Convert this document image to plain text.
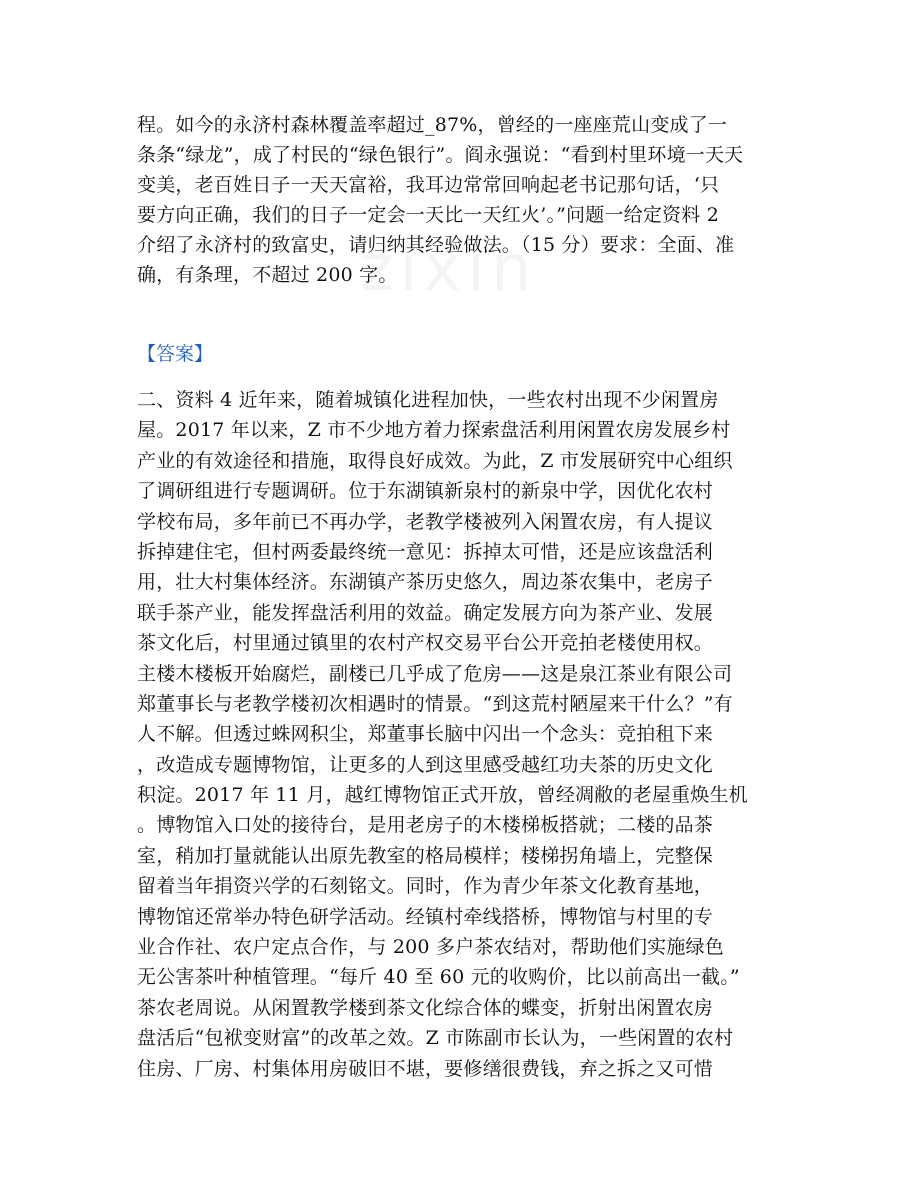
程。如今的永济村森林覆盖率超过_87%，曾经的一座座荒山变成了一
条条“绿龙”，成了村民的“绿色银行”。阎永强说：“看到村里环境一天天
变美，老百姓日子一天天富裕，我耳边常常回响起老书记那句话，‘只
要方向正确，我们的日子一定会一天比一天红火’。”问题一给定资料 2
介绍了永济村的致富史，请归纳其经验做法。（15 分）要求：全面、准
确，有条理，不超过 200 字。
【答案】
二、资料 4 近年来，随着城镇化进程加快，一些农村出现不少闲置房
屋。2017 年以来，Z 市不少地方着力探索盘活利用闲置农房发展乡村
产业的有效途径和措施，取得良好成效。为此，Z 市发展研究中心组织
了调研组进行专题调研。位于东湖镇新泉村的新泉中学，因优化农村
学校布局，多年前已不再办学，老教学楼被列入闲置农房，有人提议
拆掉建住宅，但村两委最终统一意见：拆掉太可惜，还是应该盘活利
用，壮大村集体经济。东湖镇产茶历史悠久，周边茶农集中，老房子
联手茶产业，能发挥盘活利用的效益。确定发展方向为茶产业、发展
茶文化后，村里通过镇里的农村产权交易平台公开竞拍老楼使用权。
主楼木楼板开始腐烂，副楼已几乎成了危房——这是泉江茶业有限公司
郑董事长与老教学楼初次相遇时的情景。“到这荒村陋屋来干什么？”有
人不解。但透过蛛网积尘，郑董事长脑中闪出一个念头：竞拍租下来
，改造成专题博物馆，让更多的人到这里感受越红功夫茶的历史文化
积淀。2017 年 11 月，越红博物馆正式开放，曾经凋敝的老屋重焕生机
。博物馆入口处的接待台，是用老房子的木楼梯板搭就；二楼的品茶
室，稍加打量就能认出原先教室的格局模样；楼梯拐角墙上，完整保
留着当年捐资兴学的石刻铭文。同时，作为青少年茶文化教育基地，
博物馆还常举办特色研学活动。经镇村牵线搭桥，博物馆与村里的专
业合作社、农户定点合作，与 200 多户茶农结对，帮助他们实施绿色
无公害茶叶种植管理。“每斤 40 至 60 元的收购价，比以前高出一截。”
茶农老周说。从闲置教学楼到茶文化综合体的蝶变，折射出闲置农房
盘活后“包袱变财富”的改革之效。Z 市陈副市长认为，一些闲置的农村
住房、厂房、村集体用房破旧不堪，要修缮很费钱，弃之拆之又可惜
